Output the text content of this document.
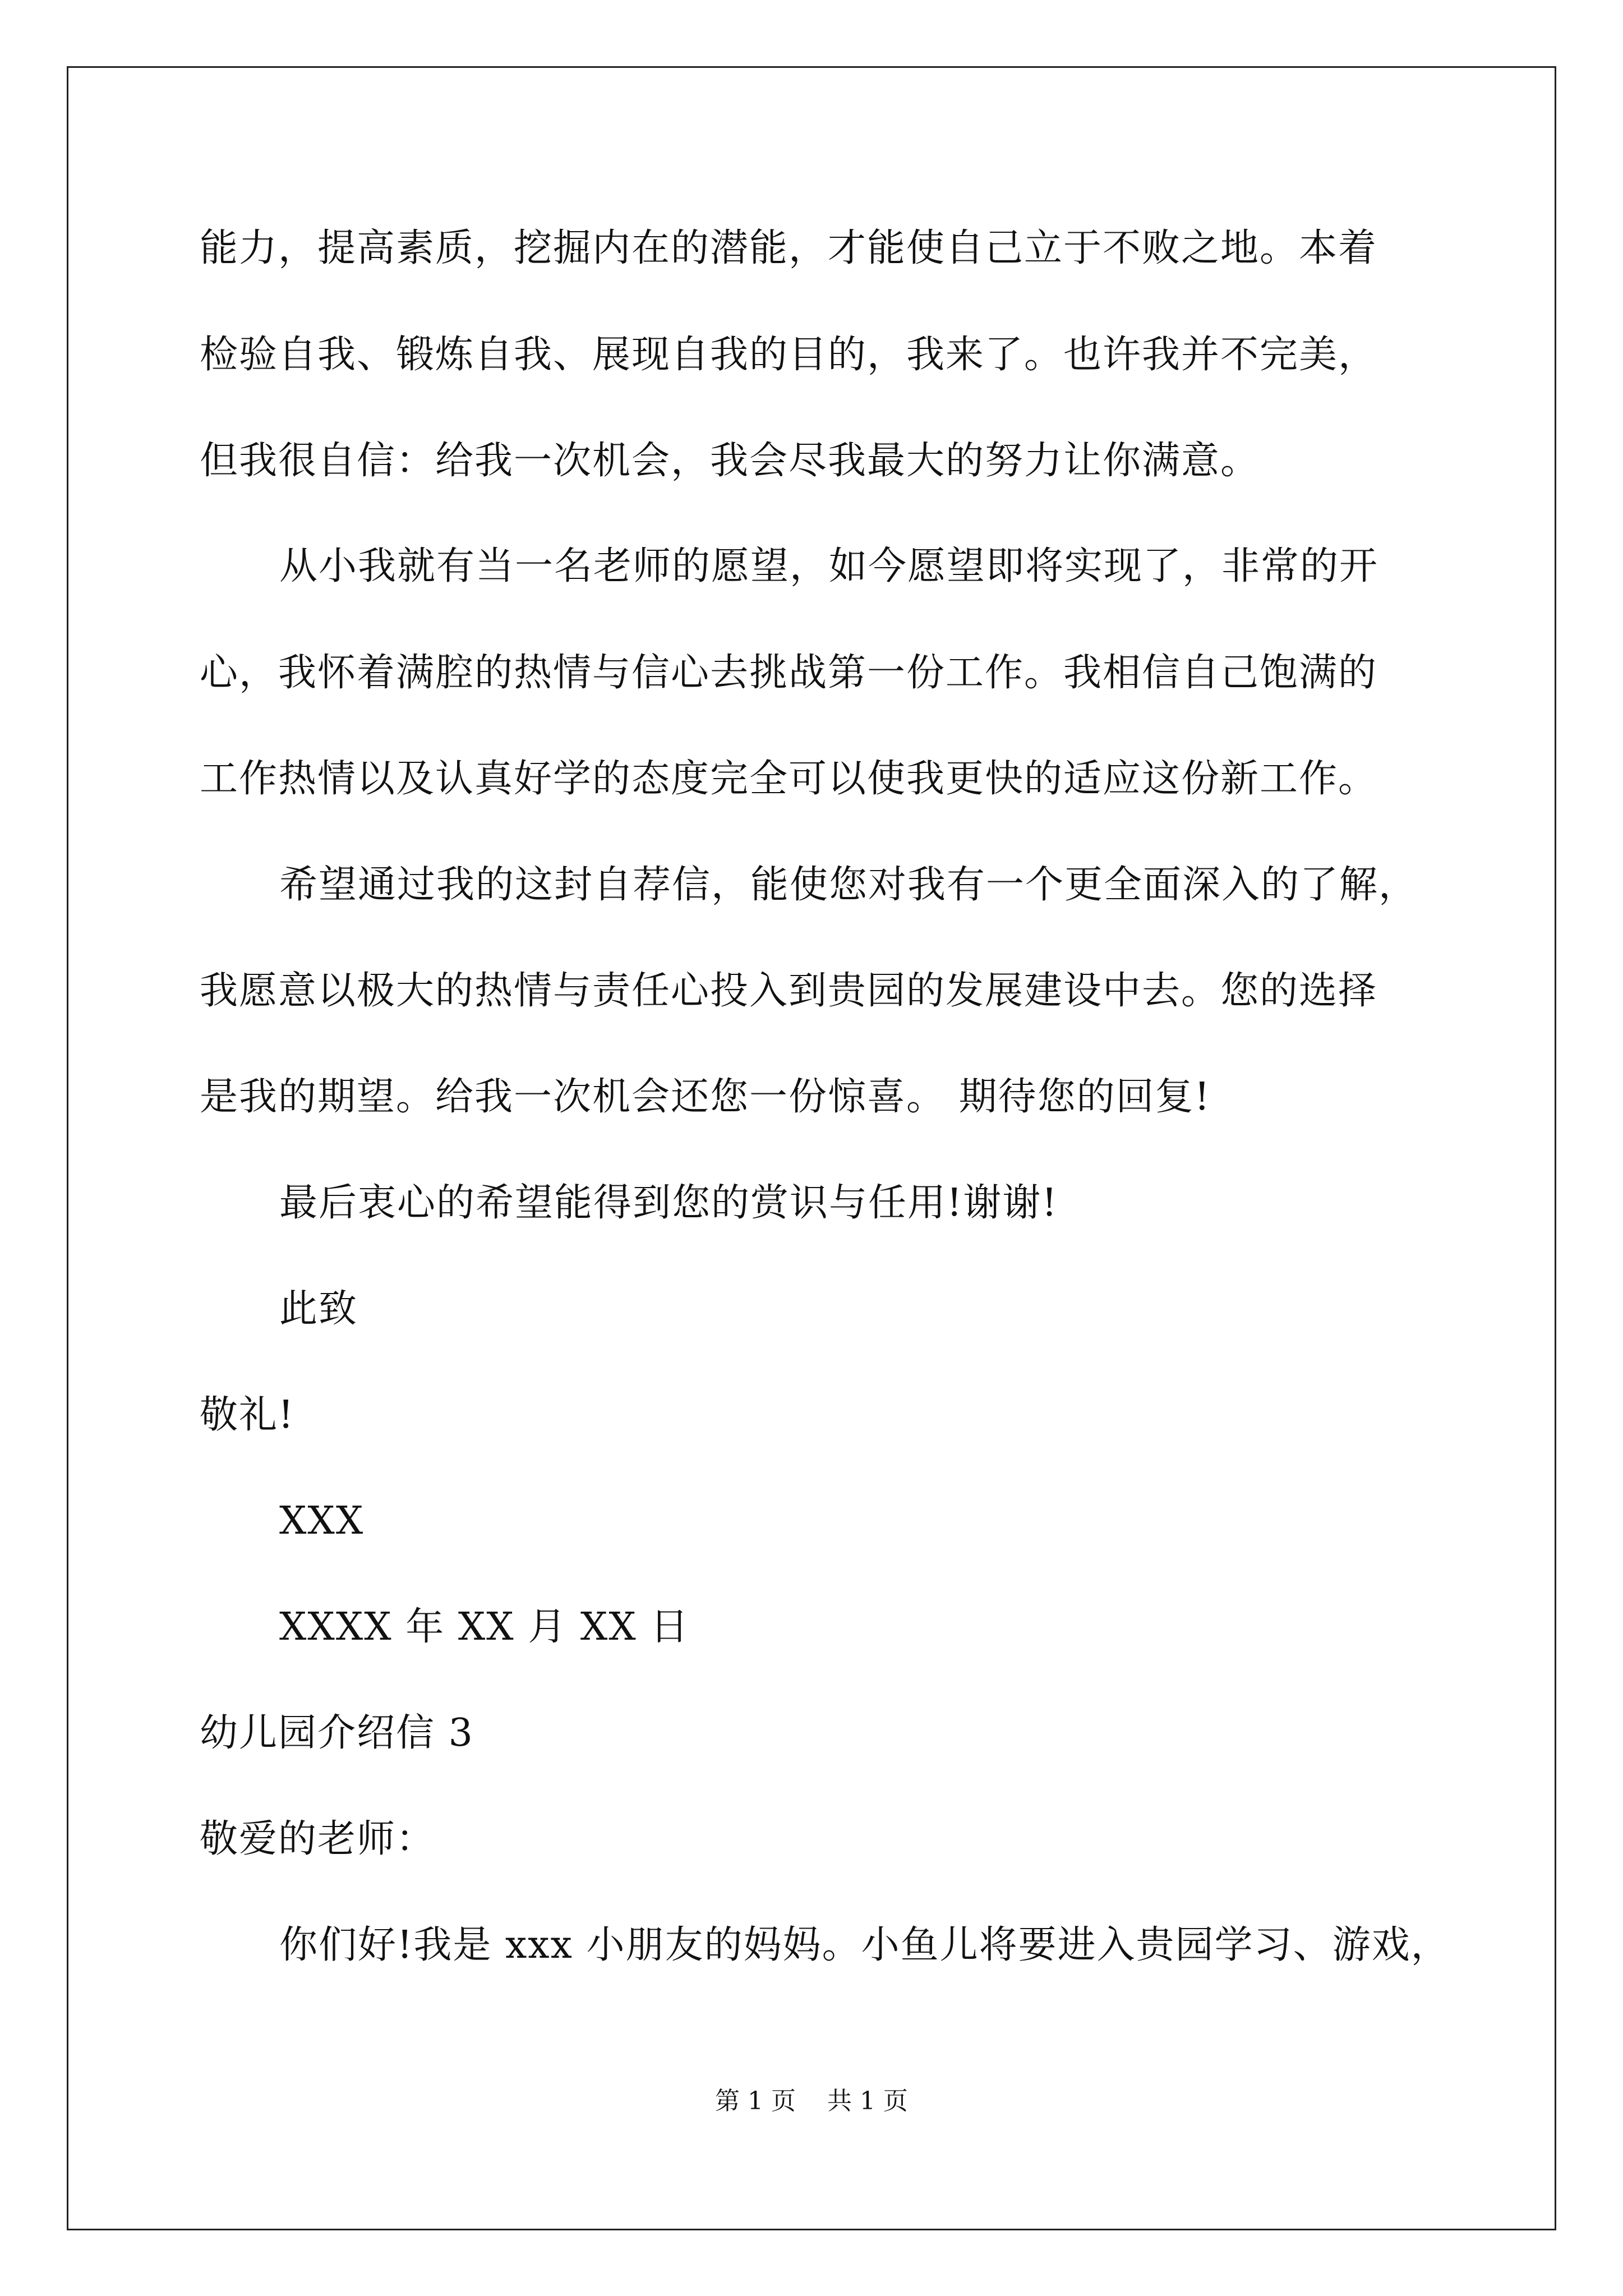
能力，提高素质，挖掘内在的潜能，才能使自己立于不败之地。本着
检验自我、锻炼自我、展现自我的目的，我来了。也许我并不完美，
但我很自信：给我一次机会，我会尽我最大的努力让你满意。
从小我就有当一名老师的愿望，如今愿望即将实现了，非常的开
心，我怀着满腔的热情与信心去挑战第一份工作。我相信自己饱满的
工作热情以及认真好学的态度完全可以使我更快的适应这份新工作。
希望通过我的这封自荐信，能使您对我有一个更全面深入的了解，
我愿意以极大的热情与责任心投入到贵园的发展建设中去。您的选择
是我的期望。给我一次机会还您一份惊喜。 期待您的回复!
最后衷心的希望能得到您的赏识与任用!谢谢!
此致
敬礼!
XXX
XXXX 年 XX 月 XX 日
幼儿园介绍信 3
敬爱的老师：
你们好!我是 xxx 小朋友的妈妈。小鱼儿将要进入贵园学习、游戏，
第 1 页    共 1 页
